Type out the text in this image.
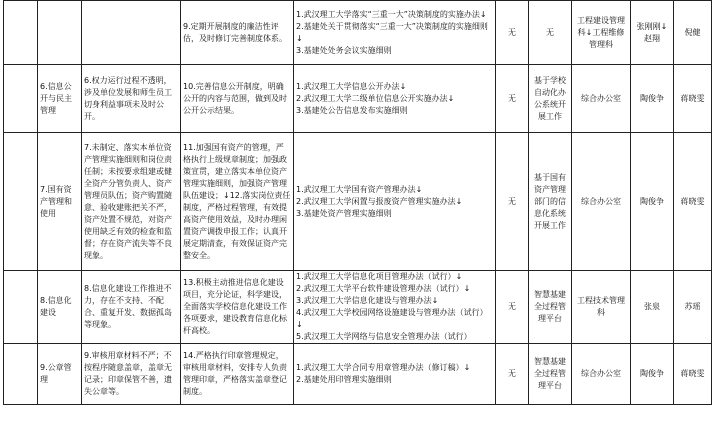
			9.定期开展制度的廉洁性评估，及时修订完善制度体系。	1.武汉理工大学落实“三重一大”决策制度的实施办法↓
2.基建处关于贯彻落实“三重一大”决策制度的实施细则↓
3.基建处处务会议实施细则	无	无	工程建设管理科↓工程维修管理科	张刚刚↓赵翔	倪健
	6.信息公开与民主管理	6.权力运行过程不透明，涉及单位发展和师生员工切身利益事项未及时公开。	10.完善信息公开制度，明确公开的内容与范围，做到及时公开公示结果。	1.武汉理工大学信息公开办法↓
2.武汉理工大学二级单位信息公开实施办法↓
3.基建处公告信息发布实施细则	无	基于学校自动化办公系统开展工作	综合办公室	陶俊争	蒋晓雯
	7.国有资产管理和使用	7.未制定、落实本单位资产管理实施细则和岗位责任制；未按要求组建或健全资产分管负责人、资产管理员队伍；资产购置随意、验收建账把关不严，资产处置不规范，对资产使用缺乏有效的检查和监督；存在资产流失等不良现象。	11.加强国有资产的管理，严格执行上级规章制度；加强政策宣贯，建立落实本单位资产管理实施细则，加强资产管理队伍建设；↓12.落实岗位责任制度，严格过程管理，有效提高资产使用效益，及时办理闲置资产调拨申报工作；认真开展定期清查，有效保证资产完整安全。	1.武汉理工大学国有资产管理办法↓
2.武汉理工大学闲置与报废资产管理实施办法↓
3.基建处资产管理实施细则	无	基于国有资产管理部门的信息化系统开展工作	综合办公室	陶俊争	蒋晓雯
	8.信息化建设	8.信息化建设工作推进不力，存在不支持、不配合、重复开发、数据孤岛等现象。	13.积极主动推进信息化建设项目，充分论证，科学建设，全面落实学校信息化建设工作各项要求，建设教育信息化标杆高校。	1.武汉理工大学信息化项目管理办法（试行）↓
2.武汉理工大学平台软件建设管理办法（试行）↓
3.武汉理工大学信息化建设与管理办法↓
4.武汉理工大学校园网络设施建设与管理办法（试行）↓
5.武汉理工大学网络与信息安全管理办法（试行）	无	智慧基建全过程管理平台	工程技术管理科	张泉	苏瑶
	9.公章管理	9.审核用章材料不严；不按程序随意盖章，盖章无记录；印章保管不善，遗失公章等。	14.严格执行印章管理规定，审核用章材料，安排专人负责管理印章，严格落实盖章登记制度。	1.武汉理工大学合同专用章管理办法（修订稿）↓
2.基建处用印管理实施细则	无	智慧基建全过程管理平台	综合办公室	陶俊争	蒋晓雯
